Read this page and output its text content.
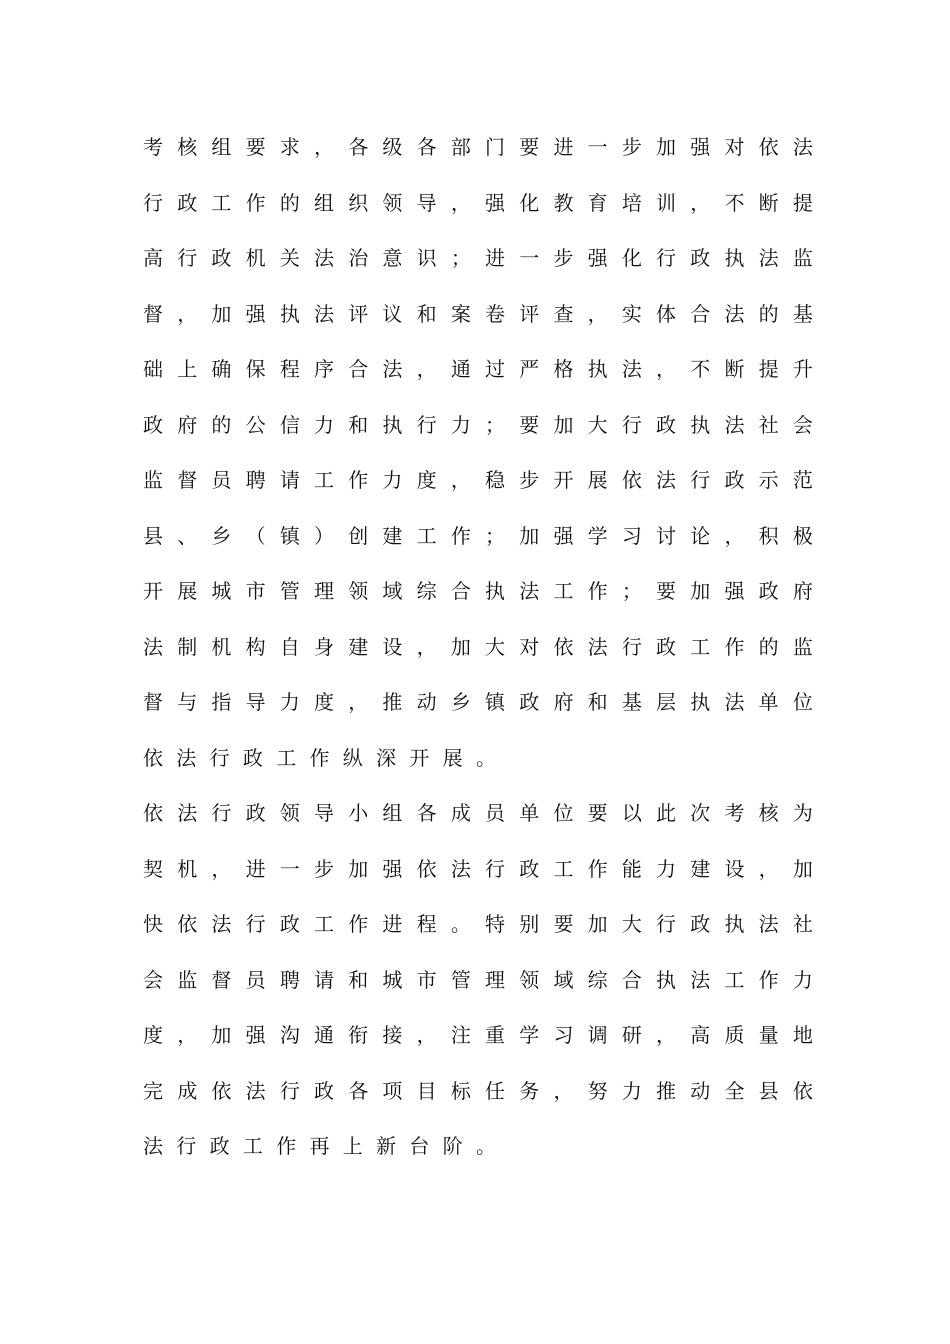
考 核 组 要 求 ， 各 级 各 部 门 要 进 一 步 加 强 对 依 法
行 政 工 作 的 组 织 领 导 ， 强 化 教 育 培 训 ， 不 断 提
高 行 政 机 关 法 治 意 识 ； 进 一 步 强 化 行 政 执 法 监
督 ， 加 强 执 法 评 议 和 案 卷 评 查 ， 实 体 合 法 的 基
础 上 确 保 程 序 合 法 ， 通 过 严 格 执 法 ， 不 断 提 升
政 府 的 公 信 力 和 执 行 力 ； 要 加 大 行 政 执 法 社 会
监 督 员 聘 请 工 作 力 度 ， 稳 步 开 展 依 法 行 政 示 范
县 、 乡 （ 镇 ） 创 建 工 作 ； 加 强 学 习 讨 论 ， 积 极
开 展 城 市 管 理 领 域 综 合 执 法 工 作 ； 要 加 强 政 府
法 制 机 构 自 身 建 设 ， 加 大 对 依 法 行 政 工 作 的 监
督 与 指 导 力 度 ， 推 动 乡 镇 政 府 和 基 层 执 法 单 位
依 法 行 政 工 作 纵 深 开 展 。
依 法 行 政 领 导 小 组 各 成 员 单 位 要 以 此 次 考 核 为
契 机 ， 进 一 步 加 强 依 法 行 政 工 作 能 力 建 设 ， 加
快 依 法 行 政 工 作 进 程 。 特 别 要 加 大 行 政 执 法 社
会 监 督 员 聘 请 和 城 市 管 理 领 域 综 合 执 法 工 作 力
度 ， 加 强 沟 通 衔 接 ， 注 重 学 习 调 研 ， 高 质 量 地
完 成 依 法 行 政 各 项 目 标 任 务 ， 努 力 推 动 全 县 依
法 行 政 工 作 再 上 新 台 阶 。
